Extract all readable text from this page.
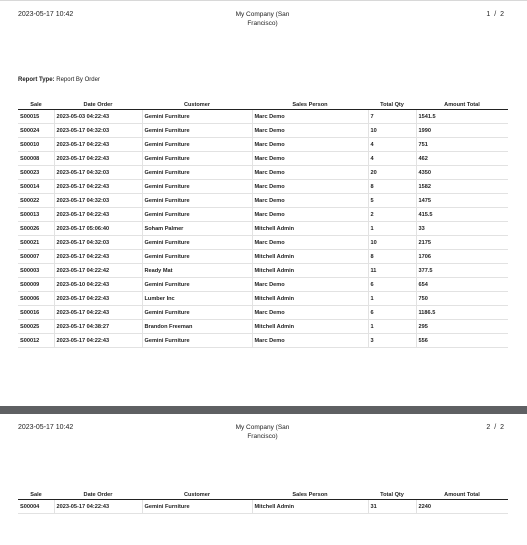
2023-05-17 10:42	My Company (San Francisco)
1 / 2
Report Type: Report By Order
Sale	Date Order	Customer	Sales Person	Total Qty	Amount Total
S00015	2023-05-03 04:22:43	Gemini Furniture	Marc Demo	7	1541.5
S00024	2023-05-17 04:32:03	Gemini Furniture	Marc Demo	10	1990
S00010	2023-05-17 04:22:43	Gemini Furniture	Marc Demo	4	751
S00008	2023-05-17 04:22:43	Gemini Furniture	Marc Demo	4	462
S00023	2023-05-17 04:32:03	Gemini Furniture	Marc Demo	20	4350
S00014	2023-05-17 04:22:43	Gemini Furniture	Marc Demo	8	1582
S00022	2023-05-17 04:32:03	Gemini Furniture	Marc Demo	5	1475
S00013	2023-05-17 04:22:43	Gemini Furniture	Marc Demo	2	415.5
S00026	2023-05-17 05:06:40	Soham Palmer	Mitchell Admin	1	33
S00021	2023-05-17 04:32:03	Gemini Furniture	Marc Demo	10	2175
S00007	2023-05-17 04:22:43	Gemini Furniture	Mitchell Admin	8	1706
S00003	2023-05-17 04:22:42	Ready Mat	Mitchell Admin	11	377.5
S00009	2023-05-10 04:22:43	Gemini Furniture	Marc Demo	6	654
S00006	2023-05-17 04:22:43	Lumber Inc	Mitchell Admin	1	750
S00016	2023-05-17 04:22:43	Gemini Furniture	Marc Demo	6	1186.5
S00025	2023-05-17 04:38:27	Brandon Freeman	Mitchell Admin	1	295
S00012	2023-05-17 04:22:43	Gemini Furniture	Marc Demo	3	556
2023-05-17 10:42	My Company (San Francisco)
2 / 2
Sale	Date Order	Customer	Sales Person	Total Qty	Amount Total
S00004	2023-05-17 04:22:43	Gemini Furniture	Mitchell Admin	31	2240
